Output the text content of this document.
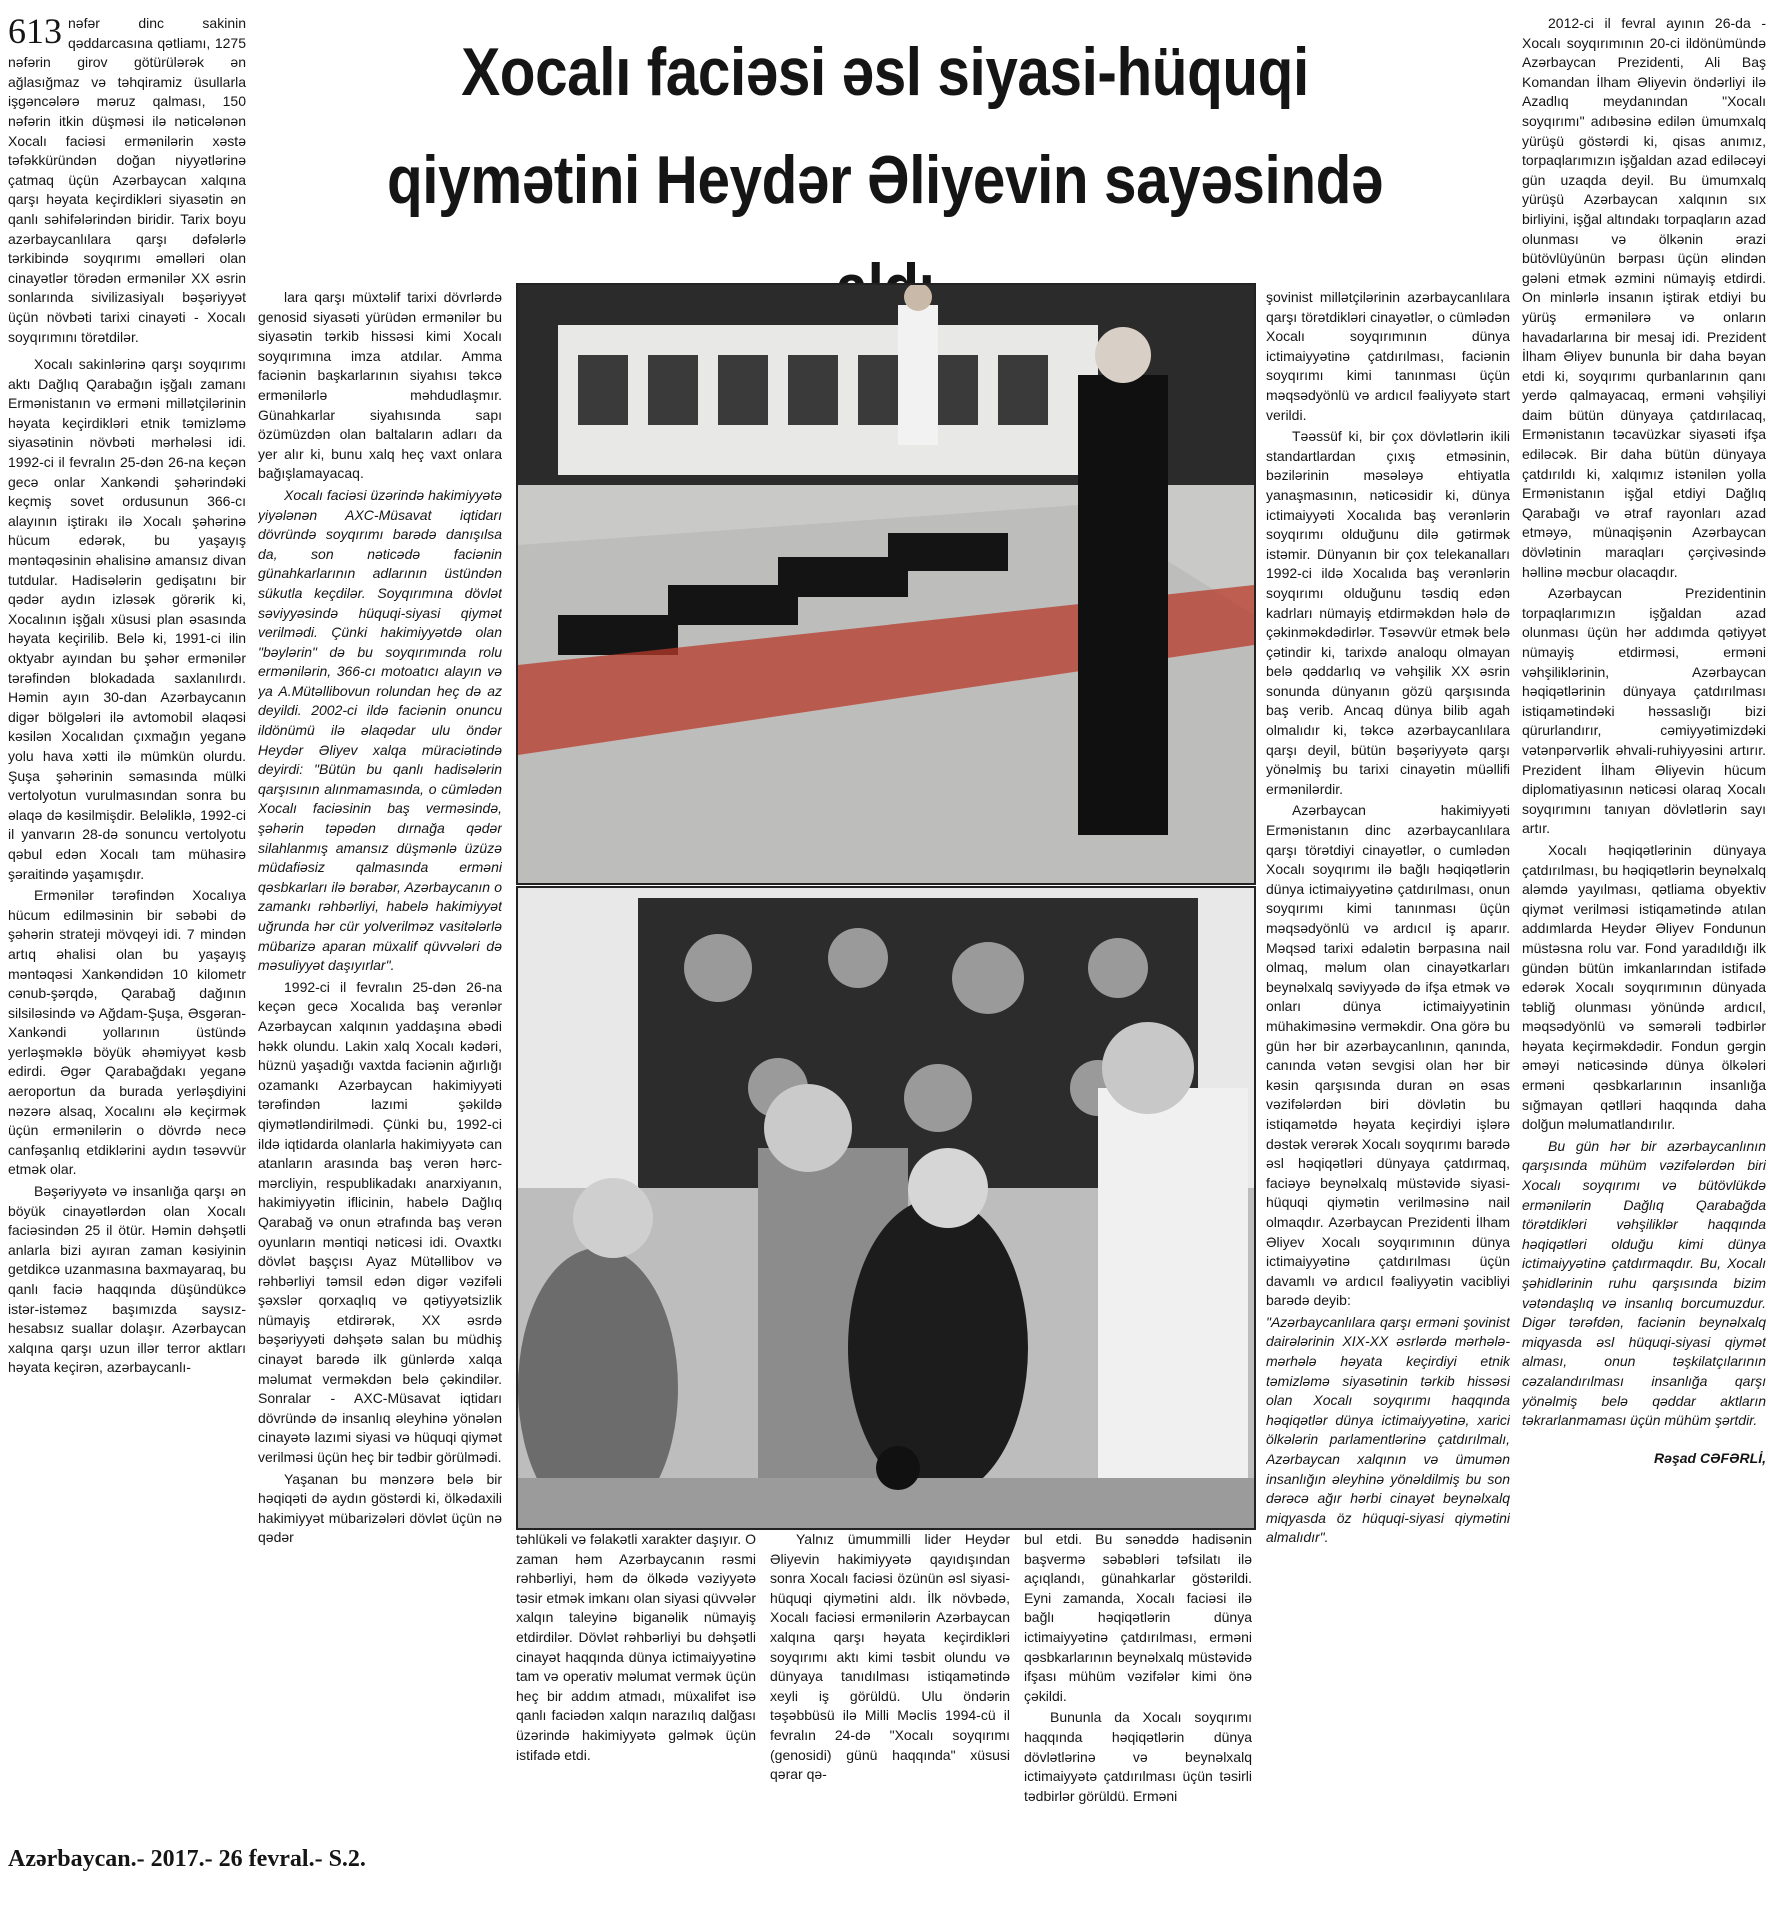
Xocalı faciəsi əsl siyasi-hüquqi
qiymətini Heydər Əliyevin sayəsində

613 nəfər dinc sakinin qəddarcasına qətliamı, 1275 nəfərin girov götürülərək ən ağlasığmaz və təhqiramiz üsullarla işgəncələrə məruz qalması, 150 nəfərin itkin düşməsi ilə nəticələnən Xocalı faciəsi ermənilərin xəstə təfəkküründən doğan niyyətlərinə çatmaq üçün Azərbaycan xalqına qarşı həyata keçirdikləri siyasətin ən qanlı səhifələrindən biridir. Tarix boyu azərbaycanlılara qarşı dəfələrlə tərkibində soyqırımı əməlləri olan cinayətlər törədən ermənilər XX əsrin sonlarında sivilizasiyalı bəşəriyyət üçün növbəti tarixi cinayəti - Xocalı soyqırımını törətdilər.

Xocalı sakinlərinə qarşı soyqırımı aktı Dağlıq Qarabağın işğalı zamanı Ermənistanın və erməni millətçilərinin həyata keçirdikləri etnik təmizləmə siyasətinin növbəti mərhələsi idi. 1992-ci il fevralın 25-dən 26-na keçən gecə onlar Xankəndi şəhərindəki keçmiş sovet ordusunun 366-cı alayının iştirakı ilə Xocalı şəhərinə hücum edərək, bu yaşayış məntəqəsinin əhalisinə amansız divan tutdular. Hadisələrin gedişatını bir qədər aydın izləsək görərik ki, Xocalının işğalı xüsusi plan əsasında həyata keçirilib. Belə ki, 1991-ci ilin oktyabr ayından bu şəhər ermənilər tərəfindən blokadada saxlanılırdı. Həmin ayın 30-dan Azərbaycanın digər bölgələri ilə avtomobil əlaqəsi kəsilən Xocalıdan çıxmağın yeganə yolu hava xətti ilə mümkün olurdu. Şuşa şəhərinin səmasında mülki vertolyotun vurulmasından sonra bu əlaqə də kəsilmişdir. Beləliklə, 1992-ci il yanvarın 28-də sonuncu vertolyotu qəbul edən Xocalı tam mühasirə şəraitində yaşamışdır.

Ermənilər tərəfindən Xocalıya hücum edilməsinin bir səbəbi də şəhərin strateji mövqeyi idi. 7 mindən artıq əhalisi olan bu yaşayış məntəqəsi Xankəndidən 10 kilometr cənub-şərqdə, Qarabağ dağının silsiləsində və Ağdam-Şuşa, Əsgəran-Xankəndi yollarının üstündə yerləşməklə böyük əhəmiyyət kəsb edirdi. Əgər Qarabağdakı yeganə aeroportun da burada yerləşdiyini nəzərə alsaq, Xocalını ələ keçirmək üçün ermənilərin o dövrdə necə canfəşanlıq etdiklərini aydın təsəvvür etmək olar.

Bəşəriyyətə və insanlığa qarşı ən böyük cinayətlərdən olan Xocalı faciəsindən 25 il ötür. Həmin dəhşətli anlarla bizi ayıran zaman kəsiyinin getdikcə uzanmasına baxmayaraq, bu qanlı faciə haqqında düşündükcə istər-istəməz başımızda saysız-hesabsız suallar dolaşır. Azərbaycan xalqına qarşı uzun illər terror aktları həyata keçirən, azərbaycanlı-

lara qarşı müxtəlif tarixi dövrlərdə genosid siyasəti yürüdən ermənilər bu siyasətin tərkib hissəsi kimi Xocalı soyqırımına imza atdılar. Amma faciənin başkarlarının siyahısı təkcə ermənilərlə məhdudlaşmır. Günahkarlar siyahısında sapı özümüzdən olan baltaların adları da yer alır ki, bunu xalq heç vaxt onlara bağışlamayacaq.

Xocalı faciəsi üzərində hakimiyyətə yiyələnən AXC-Müsavat iqtidarı dövründə soyqırımı barədə danışılsa da, son nəticədə faciənin günahkarlarının adlarının üstündən sükutla keçdilər. Soyqırımına dövlət səviyyəsində hüquqi-siyasi qiymət verilmədi. Çünki hakimiyyətdə olan "bəylərin" də bu soyqırımında rolu ermənilərin, 366-cı motoatıcı alayın və ya A.Mütəllibovun rolundan heç də az deyildi. 2002-ci ildə faciənin onuncu ildönümü ilə əlaqədar ulu öndər Heydər Əliyev xalqa müraciətində deyirdi: "Bütün bu qanlı hadisələrin qarşısının alınmamasında, o cümlədən Xocalı faciəsinin baş verməsində, şəhərin təpədən dırnağa qədər silahlanmış amansız düşmənlə üzüzə müdafiəsiz qalmasında erməni qəsbkarları ilə bərabər, Azərbaycanın o zamankı rəhbərliyi, habelə hakimiyyət uğrunda hər cür yolverilməz vasitələrlə mübarizə aparan müxalif qüvvələri də məsuliyyət daşıyırlar".

1992-ci il fevralın 25-dən 26-na keçən gecə Xocalıda baş verənlər Azərbaycan xalqının yaddaşına əbədi həkk olundu. Lakin xalq Xocalı kədəri, hüznü yaşadığı vaxtda faciənin ağırlığı ozamankı Azərbaycan hakimiyyəti tərəfindən lazımi şəkildə qiymətləndirilmədi. Çünki bu, 1992-ci ildə iqtidarda olanlarla hakimiyyətə can atanların arasında baş verən hərc-mərcliyin, respublikadakı anarxiyanın, hakimiyyətin iflicinin, habelə Dağlıq Qarabağ və onun ətrafında baş verən oyunların məntiqi nəticəsi idi. Ovaxtkı dövlət başçısı Ayaz Mütəllibov və rəhbərliyi təmsil edən digər vəzifəli şəxslər qorxaqlıq və qətiyyətsizlik nümayiş etdirərək, XX əsrdə bəşəriyyəti dəhşətə salan bu müdhiş cinayət barədə ilk günlərdə xalqa məlumat verməkdən belə çəkindilər. Sonralar - AXC-Müsavat iqtidarı dövründə də insanlıq əleyhinə yönələn cinayətə lazımi siyasi və hüquqi qiymət verilməsi üçün heç bir tədbir görülmədi.

Yaşanan bu mənzərə belə bir həqiqəti də aydın göstərdi ki, ölkədaxili hakimiyyət mübarizələri dövlət üçün nə qədər	təhlükəli və fəlakətli xarakter daşıyır. O zaman həm Azərbaycanın rəsmi rəhbərliyi, həm də ölkədə vəziyyətə təsir etmək imkanı olan siyasi qüvvələr xalqın taleyinə biganəlik nümayiş etdirdilər. Dövlət rəhbərliyi bu dəhşətli cinayət haqqında dünya ictimaiyyətinə tam və operativ məlumat vermək üçün heç bir addım atmadı, müxalifət isə qanlı faciədən xalqın narazılıq dalğası üzərində hakimiyyətə gəlmək üçün istifadə etdi.

Yalnız ümummilli lider Heydər Əliyevin hakimiyyətə qayıdışından sonra Xocalı faciəsi özünün əsl siyasi-hüquqi qiymətini aldı. İlk növbədə, Xocalı faciəsi ermənilərin Azərbaycan xalqına qarşı həyata keçirdikləri soyqırımı aktı kimi təsbit olundu və dünyaya tanıdılması istiqamətində xeyli iş görüldü. Ulu öndərin təşəbbüsü ilə Milli Məclis 1994-cü il fevralın 24-də "Xocalı soyqırımı (genosidi) günü haqqında" xüsusi qərar qə-

bul etdi. Bu sənəddə hadisənin başvermə səbəbləri təfsilatı ilə açıqlandı, günahkarlar göstərildi. Eyni zamanda, Xocalı faciəsi ilə bağlı həqiqətlərin dünya ictimaiyyətinə çatdırılması, erməni qəsbkarlarının beynəlxalq müstəvidə ifşası mühüm vəzifələr kimi önə çəkildi.

Bununla da Xocalı soyqırımı haqqında həqiqətlərin dünya dövlətlərinə və beynəlxalq ictimaiyyətə çatdırılması üçün təsirli tədbirlər görüldü. Erməni

şovinist millətçilərinin azərbaycanlılara qarşı törətdikləri cinayətlər, o cümlədən Xocalı soyqırımının dünya ictimaiyyətinə çatdırılması, faciənin soyqırımı kimi tanınması üçün məqsədyönlü və ardıcıl fəaliyyətə start verildi.

Təəssüf ki, bir çox dövlətlərin ikili standartlardan çıxış etməsinin, bəzilərinin məsələyə ehtiyatla yanaşmasının, nəticəsidir ki, dünya ictimaiyyəti Xocalıda baş verənlərin soyqırımı olduğunu dilə gətirmək istəmir. Dünyanın bir çox telekanalları 1992-ci ildə Xocalıda baş verənlərin soyqırımı olduğunu təsdiq edən kadrları nümayiş etdirməkdən hələ də çəkinməkdədirlər. Təsəvvür etmək belə çətindir ki, tarixdə analoqu olmayan belə qəddarlıq və vəhşilik XX əsrin sonunda dünyanın gözü qarşısında baş verib. Ancaq dünya bilib agah olmalıdır ki, təkcə azərbaycanlılara qarşı deyil, bütün bəşəriyyətə qarşı yönəlmiş bu tarixi cinayətin müəllifi ermənilərdir.

Azərbaycan hakimiyyəti Ermənistanın dinc azərbaycanlılara qarşı törətdiyi cinayətlər, o cumlədən Xocalı soyqırımı ilə bağlı həqiqətlərin dünya ictimaiyyətinə çatdırılması, onun soyqırımı kimi tanınması üçün məqsədyönlü və ardıcıl iş aparır. Məqsəd tarixi ədalətin bərpasına nail olmaq, məlum olan cinayətkarları beynəlxalq səviyyədə də ifşa etmək və onları dünya ictimaiyyətinin mühakiməsinə verməkdir. Ona görə bu gün hər bir azərbaycanlının, qanında, canında vətən sevgisi olan hər bir kəsin qarşısında duran ən əsas vəzifələrdən biri dövlətin bu istiqamətdə həyata keçirdiyi işlərə dəstək verərək Xocalı soyqırımı barədə əsl həqiqətləri dünyaya çatdırmaq, faciəyə beynəlxalq müstəvidə siyasi-hüquqi qiymətin verilməsinə nail olmaqdır. Azərbaycan Prezidenti İlham Əliyev Xocalı soyqırımının dünya ictimaiyyətinə çatdırılması üçün davamlı və ardıcıl fəaliyyətin vacibliyi barədə deyib:

"Azərbaycanlılara qarşı erməni şovinist dairələrinin XIX-XX əsrlərdə mərhələ-mərhələ həyata keçirdiyi etnik təmizləmə siyasətinin tərkib hissəsi olan Xocalı soyqırımı haqqında həqiqətlər dünya ictimaiyyətinə, xarici ölkələrin parlamentlərinə çatdırılmalı, Azərbaycan xalqının və ümumən insanlığın əleyhinə yönəldilmiş bu son dərəcə ağır hərbi cinayət beynəlxalq miqyasda öz hüquqi-siyasi qiymətini almalıdır".

2012-ci il fevral ayının 26-da - Xocalı soyqırımının 20-ci ildönümündə Azərbaycan Prezidenti, Ali Baş Komandan İlham Əliyevin öndərliyi ilə Azadlıq meydanından "Xocalı soyqırımı" adıbəsinə edilən ümumxalq yürüşü göstərdi ki, qisas anımız, torpaqlarımızın işğaldan azad ediləcəyi gün uzaqda deyil. Bu ümumxalq yürüşü Azərbaycan xalqının sıx birliyini, işğal altındakı torpaqların azad olunması və ölkənin ərazi bütövlüyünün bərpası üçün əlindən gələni etmək əzmini nümayiş etdirdi. On minlərlə insanın iştirak etdiyi bu yürüş ermənilərə və onların havadarlarına bir mesaj idi. Prezident İlham Əliyev bununla bir daha bəyan etdi ki, soyqırımı qurbanlarının qanı yerdə qalmayacaq, erməni vəhşiliyi daim bütün dünyaya çatdırılacaq, Ermənistanın təcavüzkar siyasəti ifşa ediləcək. Bir daha bütün dünyaya çatdırıldı ki, xalqımız istənilən yolla Ermənistanın işğal etdiyi Dağlıq Qarabağı və ətraf rayonları azad etməyə, münaqişənin Azərbaycan dövlətinin maraqları çərçivəsində həllinə məcbur olacaqdır.

Azərbaycan Prezidentinin torpaqlarımızın işğaldan azad olunması üçün hər addımda qətiyyət nümayiş etdirməsi, erməni vəhşiliklərinin, Azərbaycan həqiqətlərinin dünyaya çatdırılması istiqamətindəki həssaslığı bizi qürurlandırır, cəmiyyətimizdəki vətənpərvərlik əhvali-ruhiyyəsini artırır. Prezident İlham Əliyevin hücum diplomatiyasının nəticəsi olaraq Xocalı soyqırımını tanıyan dövlətlərin sayı artır.

Xocalı həqiqətlərinin dünyaya çatdırılması, bu həqiqətlərin beynəlxalq aləmdə yayılması, qətliama obyektiv qiymət verilməsi istiqamətində atılan addımlarda Heydər Əliyev Fondunun müstəsna rolu var. Fond yaradıldığı ilk gündən bütün imkanlarından istifadə edərək Xocalı soyqırımının dünyada təbliğ olunması yönündə ardıcıl, məqsədyönlü və səmərəli tədbirlər həyata keçirməkdədir. Fondun gərgin əməyi nəticəsində dünya ölkələri erməni qəsbkarlarının insanlığa sığmayan qətlləri haqqında daha dolğun məlumatlandırılır.

Bu gün hər bir azərbaycanlının qarşısında mühüm vəzifələrdən biri Xocalı soyqırımı və bütövlükdə ermənilərin Dağlıq Qarabağda törətdikləri vəhşiliklər haqqında həqiqətləri olduğu kimi dünya ictimaiyyətinə çatdırmaqdır. Bu, Xocalı şəhidlərinin ruhu qarşısında bizim vətəndaşlıq və insanlıq borcumuzdur. Digər tərəfdən, faciənin beynəlxalq miqyasda əsl hüquqi-siyasi qiymət alması, onun təşkilatçılarının cəzalandırılması insanlığa qarşı yönəlmiş belə qəddar aktların təkrarlanmaması üçün mühüm şərtdir.

Rəşad CƏFƏRLİ,

Azərbaycan.- 2017.- 26 fevral.- S.2.
